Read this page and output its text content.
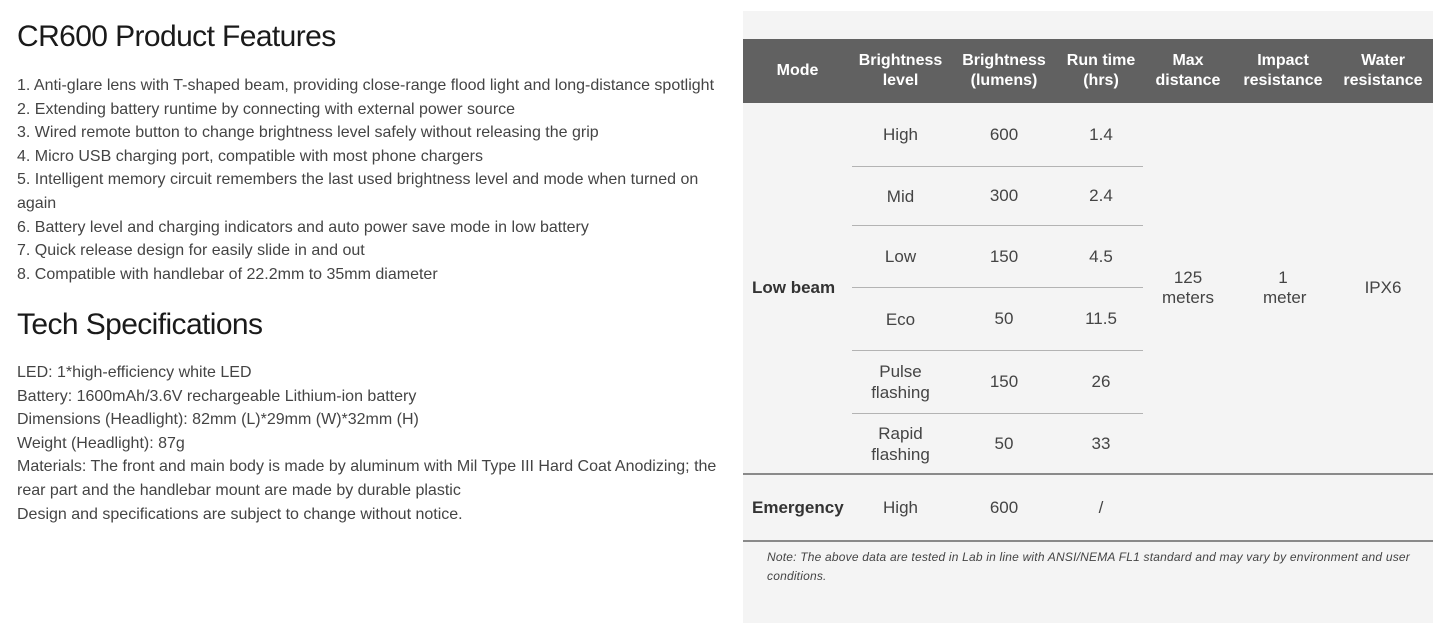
CR600 Product Features
1. Anti-glare lens with T-shaped beam, providing close-range flood light and long-distance spotlight
2. Extending battery runtime by connecting with external power source
3. Wired remote button to change brightness level safely without releasing the grip
4. Micro USB charging port, compatible with most phone chargers
5. Intelligent memory circuit remembers the last used brightness level and mode when turned on again
6. Battery level and charging indicators and auto power save mode in low battery
7. Quick release design for easily slide in and out
8. Compatible with handlebar of 22.2mm to 35mm diameter
Tech Specifications
LED: 1*high-efficiency white LED
Battery: 1600mAh/3.6V rechargeable Lithium-ion battery
Dimensions (Headlight): 82mm (L)*29mm (W)*32mm (H)
Weight (Headlight): 87g
Materials: The front and main body is made by aluminum with Mil Type III Hard Coat Anodizing; the rear part and the handlebar mount are made by durable plastic
Design and specifications are subject to change without notice.
Mode	Brightness level	Brightness (lumens)	Run time (hrs)	Max distance	Impact resistance	Water resistance
Low beam	High	600	1.4	125 meters	1 meter	IPX6
	Mid	300	2.4			
	Low	150	4.5			
	Eco	50	11.5			
	Pulse flashing	150	26			
	Rapid flashing	50	33			
Emergency	High	600	/			
Note: The above data are tested in Lab in line with ANSI/NEMA FL1 standard and may vary by environment and user conditions.
